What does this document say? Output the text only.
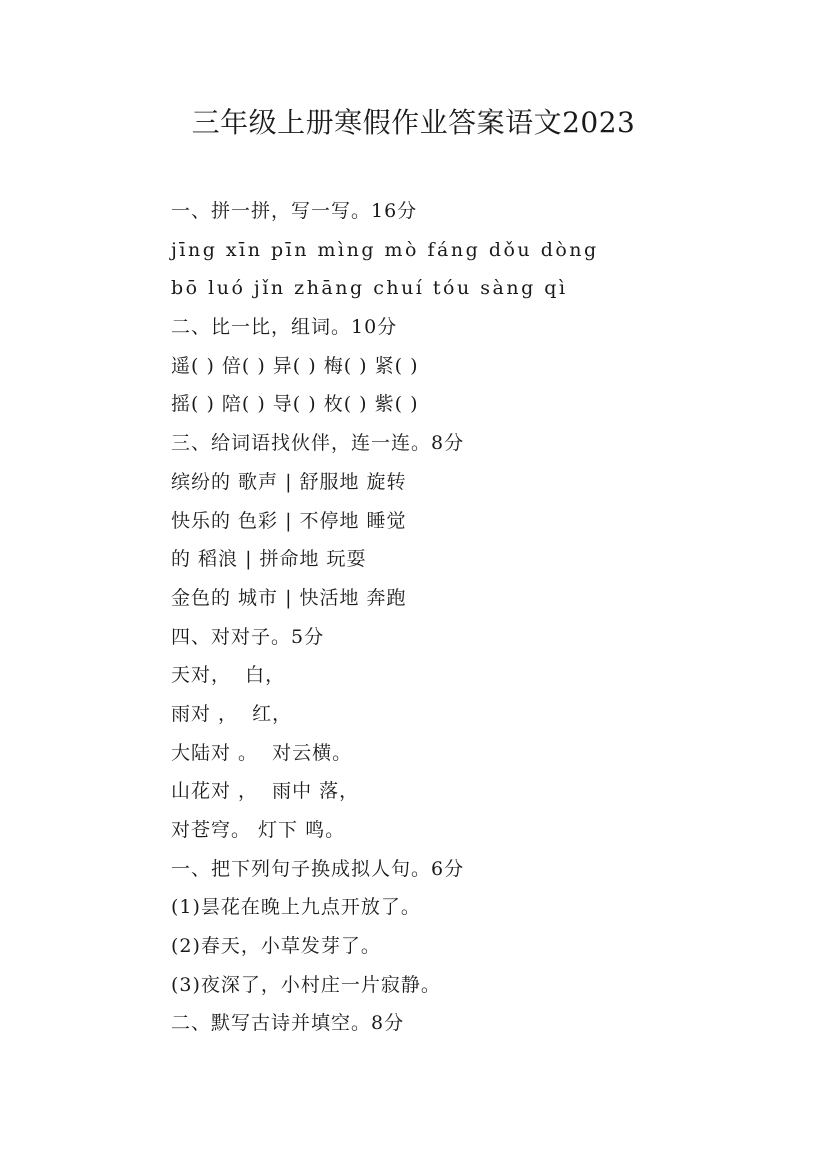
三年级上册寒假作业答案语文2023
一、拼一拼，写一写。16分
jīng xīn pīn mìng mò fáng dǒu dòng
bō luó jǐn zhāng chuí tóu sàng qì
二、比一比，组词。10分
遥( ) 倍( ) 异( ) 梅( ) 紧( )
摇( ) 陪( ) 导( ) 枚( ) 紫( )
三、给词语找伙伴，连一连。8分
缤纷的 歌声 | 舒服地 旋转
快乐的 色彩 | 不停地 睡觉
的 稻浪 | 拼命地 玩耍
金色的 城市 | 快活地 奔跑
四、对对子。5分
天对，  白，
雨对 ，  红，
大陆对 。  对云横。
山花对 ，  雨中 落，
对苍穹。 灯下 鸣。
一、把下列句子换成拟人句。6分
(1)昙花在晚上九点开放了。
(2)春天，小草发芽了。
(3)夜深了，小村庄一片寂静。
二、默写古诗并填空。8分
